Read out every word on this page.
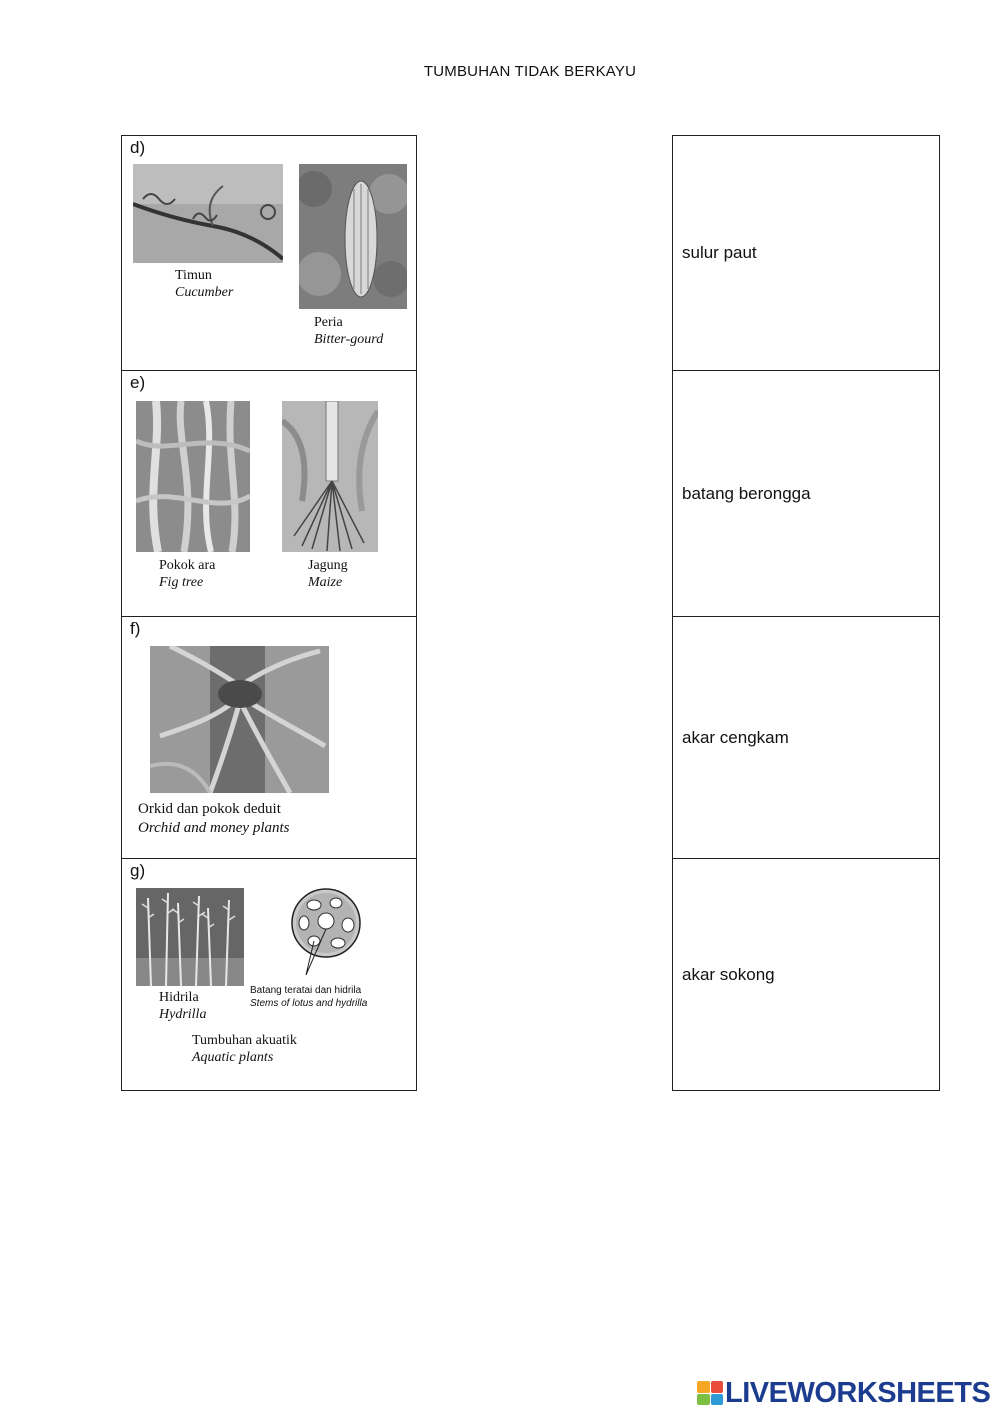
TUMBUHAN TIDAK BERKAYU
d)
Timun
Cucumber
Peria
Bitter-gourd
e)
Pokok ara
Fig tree
Jagung
Maize
f)
Orkid dan pokok deduit
Orchid and money plants
g)
Hidrila
Hydrilla
Batang teratai dan hidrila
Stems of lotus and hydrilla
Tumbuhan akuatik
Aquatic plants
sulur paut
batang berongga
akar cengkam
akar sokong
LIVEWORKSHEETS
